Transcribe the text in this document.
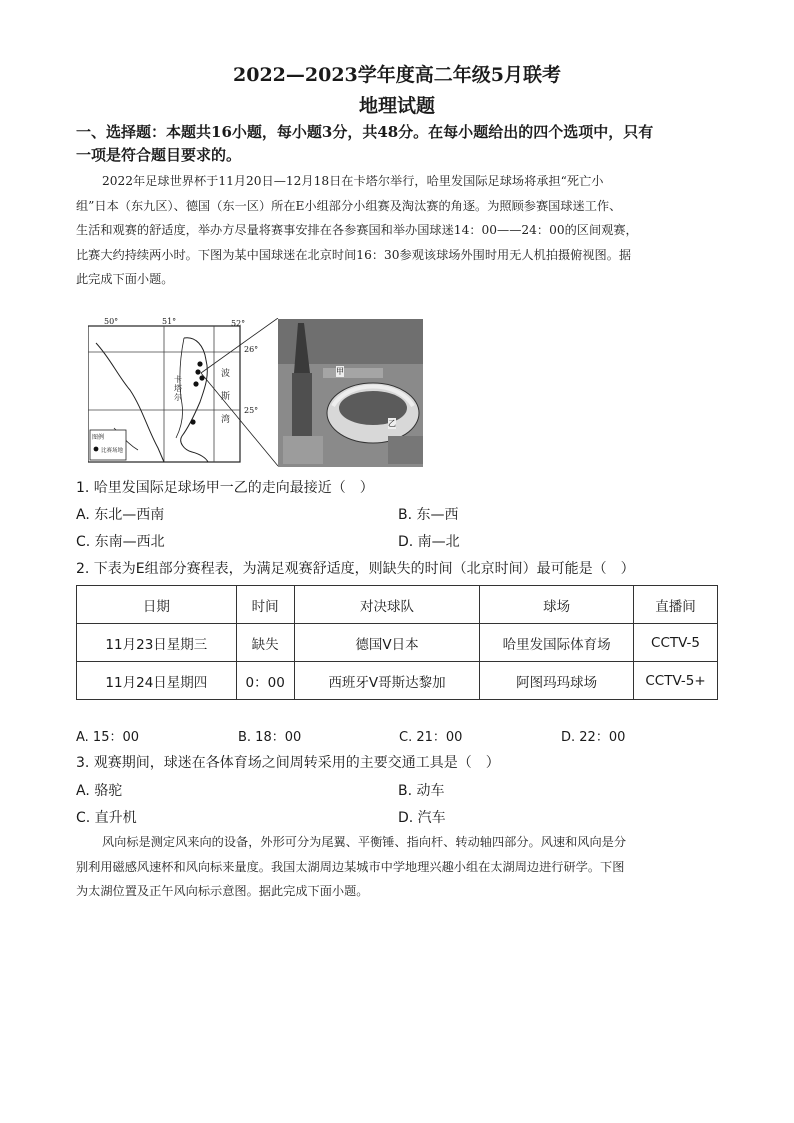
2022—2023学年度高二年级5月联考
地理试题
一、选择题：本题共16小题，每小题3分，共48分。在每小题给出的四个选项中，只有
一项是符合题目要求的。
2022年足球世界杯于11月20日—12月18日在卡塔尔举行，哈里发国际足球场将承担“死亡小
组”日本（东九区）、德国（东一区）所在E小组部分小组赛及淘汰赛的角逐。为照顾参赛国球迷工作、
生活和观赛的舒适度，举办方尽量将赛事安排在各参赛国和举办国球迷14：00——24：00的区间观赛，
比赛大约持续两小时。下图为某中国球迷在北京时间16：30参观该球场外围时用无人机拍摄俯视图。据
此完成下面小题。
50°	51°	52°
26°
25°
卡
塔
尔
波
斯
湾
图例
比赛场地
甲
乙
1. 哈里发国际足球场甲一乙的走向最接近（　）
A. 东北—西南	B. 东—西
C. 东南—西北	D. 南—北
2. 下表为E组部分赛程表，为满足观赛舒适度，则缺失的时间（北京时间）最可能是（　）
日期	时间	对决球队	球场	直播间
11月23日星期三	缺失	德国V日本	哈里发国际体育场	CCTV-5
11月24日星期四	0：00	西班牙V哥斯达黎加	阿图玛玛球场	CCTV-5+
A. 15：00	B. 18：00	C. 21：00	D. 22：00
3. 观赛期间，球迷在各体育场之间周转采用的主要交通工具是（　）
A. 骆驼	B. 动车
C. 直升机	D. 汽车
风向标是测定风来向的设备，外形可分为尾翼、平衡锤、指向杆、转动轴四部分。风速和风向是分
别利用磁感风速杯和风向标来量度。我国太湖周边某城市中学地理兴趣小组在太湖周边进行研学。下图
为太湖位置及正午风向标示意图。据此完成下面小题。
